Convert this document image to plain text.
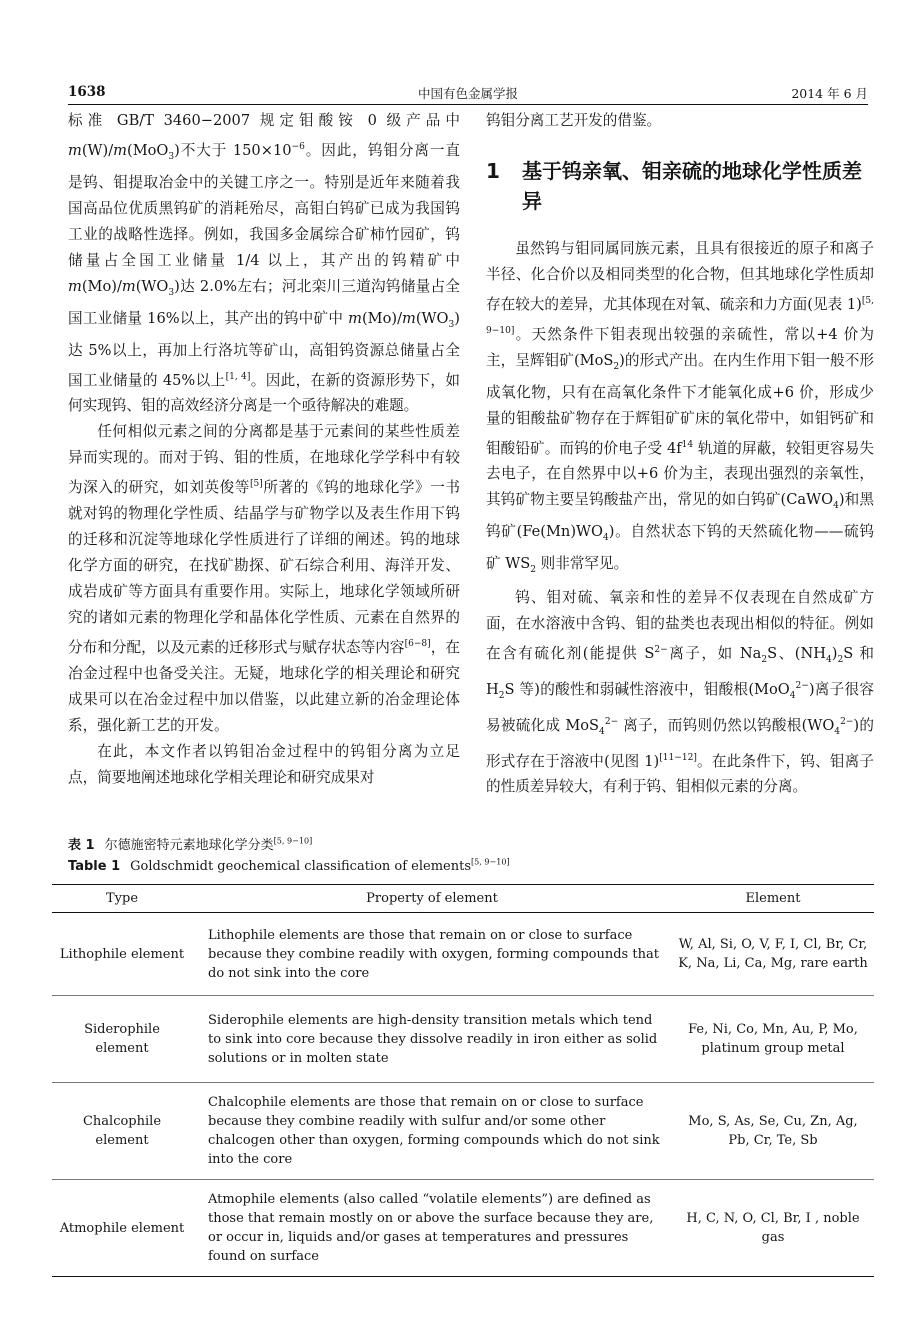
1638	中国有色金属学报	2014 年 6 月

标准 GB/T 3460−2007 规定钼酸铵 0 级产品中 m(W)/m(MoO$_3$)不大于 $150\times 10^{-6}$。因此，钨钼分离一直是钨、钼提取冶金中的关键工序之一。特别是近年来随着我国高品位优质黑钨矿的消耗殆尽，高钼白钨矿已成为我国钨工业的战略性选择。例如，我国多金属综合矿柿竹园矿，钨储量占全国工业储量 1/4 以上，其产出的钨精矿中 $m(Mo)/m(WO_3)$达 2.0%左右；河北栾川三道沟钨储量占全国工业储量 16%以上，其产出的钨中矿中 $m(Mo)/m(WO_3)$达 5%以上，再加上行洛坑等矿山，高钼钨资源总储量占全国工业储量的 45%以上[1, 4]。因此，在新的资源形势下，如何实现钨、钼的高效经济分离是一个亟待解决的难题。

任何相似元素之间的分离都是基于元素间的某些性质差异而实现的。而对于钨、钼的性质，在地球化学学科中有较为深入的研究，如刘英俊等[5]所著的《钨的地球化学》一书就对钨的物理化学性质、结晶学与矿物学以及表生作用下钨的迁移和沉淀等地球化学性质进行了详细的阐述。钨的地球化学方面的研究，在找矿勘探、矿石综合利用、海洋开发、成岩成矿等方面具有重要作用。实际上，地球化学领域所研究的诸如元素的物理化学和晶体化学性质、元素在自然界的分布和分配，以及元素的迁移形式与赋存状态等内容[6−8]，在冶金过程中也备受关注。无疑，地球化学的相关理论和研究成果可以在冶金过程中加以借鉴，以此建立新的冶金理论体系，强化新工艺的开发。

在此，本文作者以钨钼冶金过程中的钨钼分离为立足点，简要地阐述地球化学相关理论和研究成果对

钨钼分离工艺开发的借鉴。

1	基于钨亲氧、钼亲硫的地球化学性质差异

虽然钨与钼同属同族元素，且具有很接近的原子和离子半径、化合价以及相同类型的化合物，但其地球化学性质却存在较大的差异，尤其体现在对氧、硫亲和力方面(见表 1)[5, 9−10]。天然条件下钼表现出较强的亲硫性，常以+4 价为主，呈辉钼矿(MoS$_2$)的形式产出。在内生作用下钼一般不形成氧化物，只有在高氧化条件下才能氧化成+6 价，形成少量的钼酸盐矿物存在于辉钼矿矿床的氧化带中，如钼钙矿和钼酸铅矿。而钨的价电子受 $4f^{14}$ 轨道的屏蔽，较钼更容易失去电子，在自然界中以+6 价为主，表现出强烈的亲氧性，其钨矿物主要呈钨酸盐产出，常见的如白钨矿(CaWO$_4$)和黑钨矿$(Fe(Mn)WO_4)$。自然状态下钨的天然硫化物——硫钨矿 $WS_2$ 则非常罕见。

钨、钼对硫、氧亲和性的差异不仅表现在自然成矿方面，在水溶液中含钨、钼的盐类也表现出相似的特征。例如在含有硫化剂(能提供 $S^{2-}$离子，如 $Na_2S$、$(NH_4)_2S$ 和 $H_2S$ 等)的酸性和弱碱性溶液中，钼酸根(MoO$_4^{2-}$)离子很容易被硫化成 MoS$_4^{2-}$ 离子，而钨则仍然以钨酸根$(WO_4^{2-})$的形式存在于溶液中(见图 1)[11−12]。在此条件下，钨、钼离子的性质差异较大，有利于钨、钼相似元素的分离。

表 1 尔德施密特元素地球化学分类[5, 9−10]
Table 1 Goldschmidt geochemical classification of elements[5, 9−10]
Type	Property of element	Element
Lithophile element	Lithophile elements are those that remain on or close to surface because they combine readily with oxygen, forming compounds that do not sink into the core	W, Al, Si, O, V, F, I, Cl, Br, Cr, K, Na, Li, Ca, Mg, rare earth
Siderophile element	Siderophile elements are high-density transition metals which tend to sink into core because they dissolve readily in iron either as solid solutions or in molten state	Fe, Ni, Co, Mn, Au, P, Mo, platinum group metal
Chalcophile element	Chalcophile elements are those that remain on or close to surface because they combine readily with sulfur and/or some other chalcogen other than oxygen, forming compounds which do not sink into the core	Mo, S, As, Se, Cu, Zn, Ag, Pb, Cr, Te, Sb
Atmophile element	Atmophile elements (also called “volatile elements”) are defined as those that remain mostly on or above the surface because they are, or occur in, liquids and/or gases at temperatures and pressures found on surface	H, C, N, O, Cl, Br, I , noble gas
